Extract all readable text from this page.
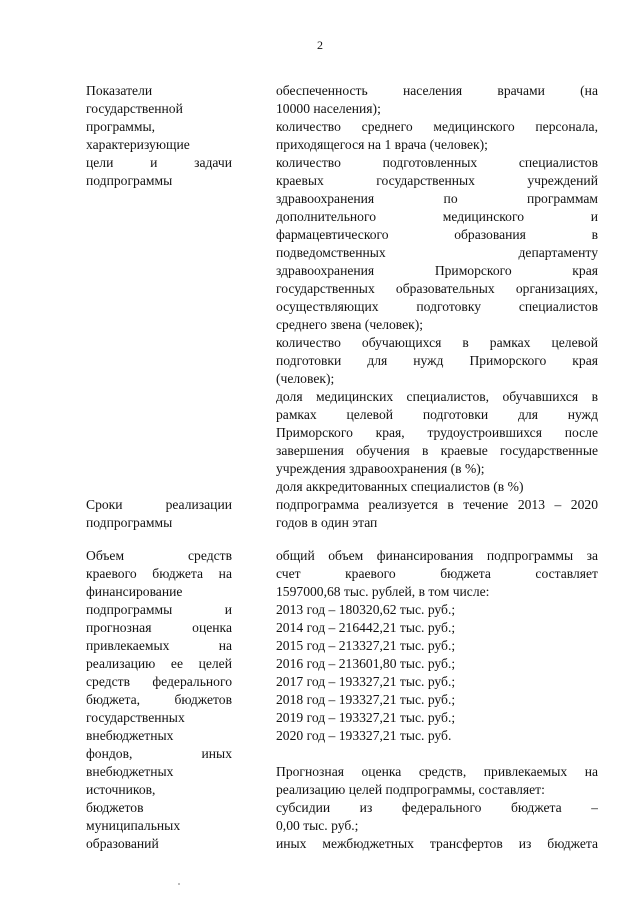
2
Показатели
государственной
программы,
характеризующие
цели и задачи
подпрограммы
обеспеченность населения врачами (на
10000 населения);
количество среднего медицинского персонала,
приходящегося на 1 врача (человек);
количество подготовленных специалистов
краевых государственных учреждений
здравоохранения по программам
дополнительного медицинского и
фармацевтического образования в
подведомственных департаменту
здравоохранения Приморского края
государственных образовательных организациях,
осуществляющих подготовку специалистов
среднего звена (человек);
количество обучающихся в рамках целевой
подготовки для нужд Приморского края
(человек);
доля медицинских специалистов, обучавшихся в
рамках целевой подготовки для нужд
Приморского края, трудоустроившихся после
завершения обучения в краевые государственные
учреждения здравоохранения (в %);
доля аккредитованных специалистов (в %)
Сроки реализации
подпрограммы
подпрограмма реализуется в течение 2013 – 2020
годов в один этап
Объем средств
краевого бюджета на
финансирование
подпрограммы и
прогнозная оценка
привлекаемых на
реализацию ее целей
средств федерального
бюджета, бюджетов
государственных
внебюджетных
фондов, иных
внебюджетных
источников,
бюджетов
муниципальных
образований
общий объем финансирования подпрограммы за
счет краевого бюджета составляет
1597000,68 тыс. рублей, в том числе:
2013 год – 180320,62 тыс. руб.;
2014 год – 216442,21 тыс. руб.;
2015 год – 213327,21 тыс. руб.;
2016 год – 213601,80 тыс. руб.;
2017 год – 193327,21 тыс. руб.;
2018 год – 193327,21 тыс. руб.;
2019 год – 193327,21 тыс. руб.;
2020 год – 193327,21 тыс. руб.
Прогнозная оценка средств, привлекаемых на
реализацию целей подпрограммы, составляет:
субсидии из федерального бюджета –
0,00 тыс. руб.;
иных межбюджетных трансфертов из бюджета
